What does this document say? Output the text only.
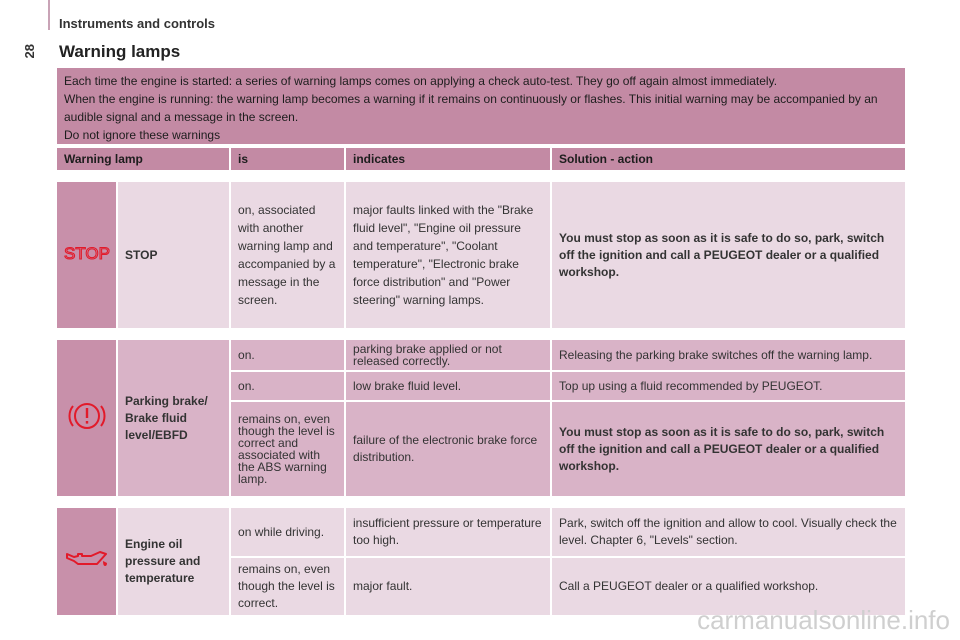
28
Instruments and controls
Warning lamps

Each time the engine is started: a series of warning lamps comes on applying a check auto-test. They go off again almost immediately.

When the engine is running: the warning lamp becomes a warning if it remains on continuously or flashes. This initial warning may be accompanied by an audible signal and a message in the screen.

Do not ignore these warnings

Warning lamp		is	indicates	Solution - action

STOP	STOP	on, associated with another warning lamp and accompanied by a message in the screen.	major faults linked with the "Brake fluid level", "Engine oil pressure and temperature", "Coolant temperature", "Electronic brake force distribution" and "Power steering" warning lamps.	You must stop as soon as it is safe to do so, park, switch off the ignition and call a PEUGEOT dealer or a qualified workshop.

	Parking brake/ Brake fluid level/EBFD	on.	parking brake applied or not released correctly.	Releasing the parking brake switches off the warning lamp.
		on.	low brake fluid level.	Top up using a fluid recommended by PEUGEOT.
		remains on, even though the level is correct and associated with the ABS warning lamp.	failure of the electronic brake force distribution.	You must stop as soon as it is safe to do so, park, switch off the ignition and call a PEUGEOT dealer or a qualified workshop.

	Engine oil pressure and temperature	on while driving.	insufficient pressure or temperature too high.	Park, switch off the ignition and allow to cool. Visually check the level. Chapter 6, "Levels" section.
		remains on, even though the level is correct.	major fault.	Call a PEUGEOT dealer or a qualified workshop.
carmanualsonline.info
